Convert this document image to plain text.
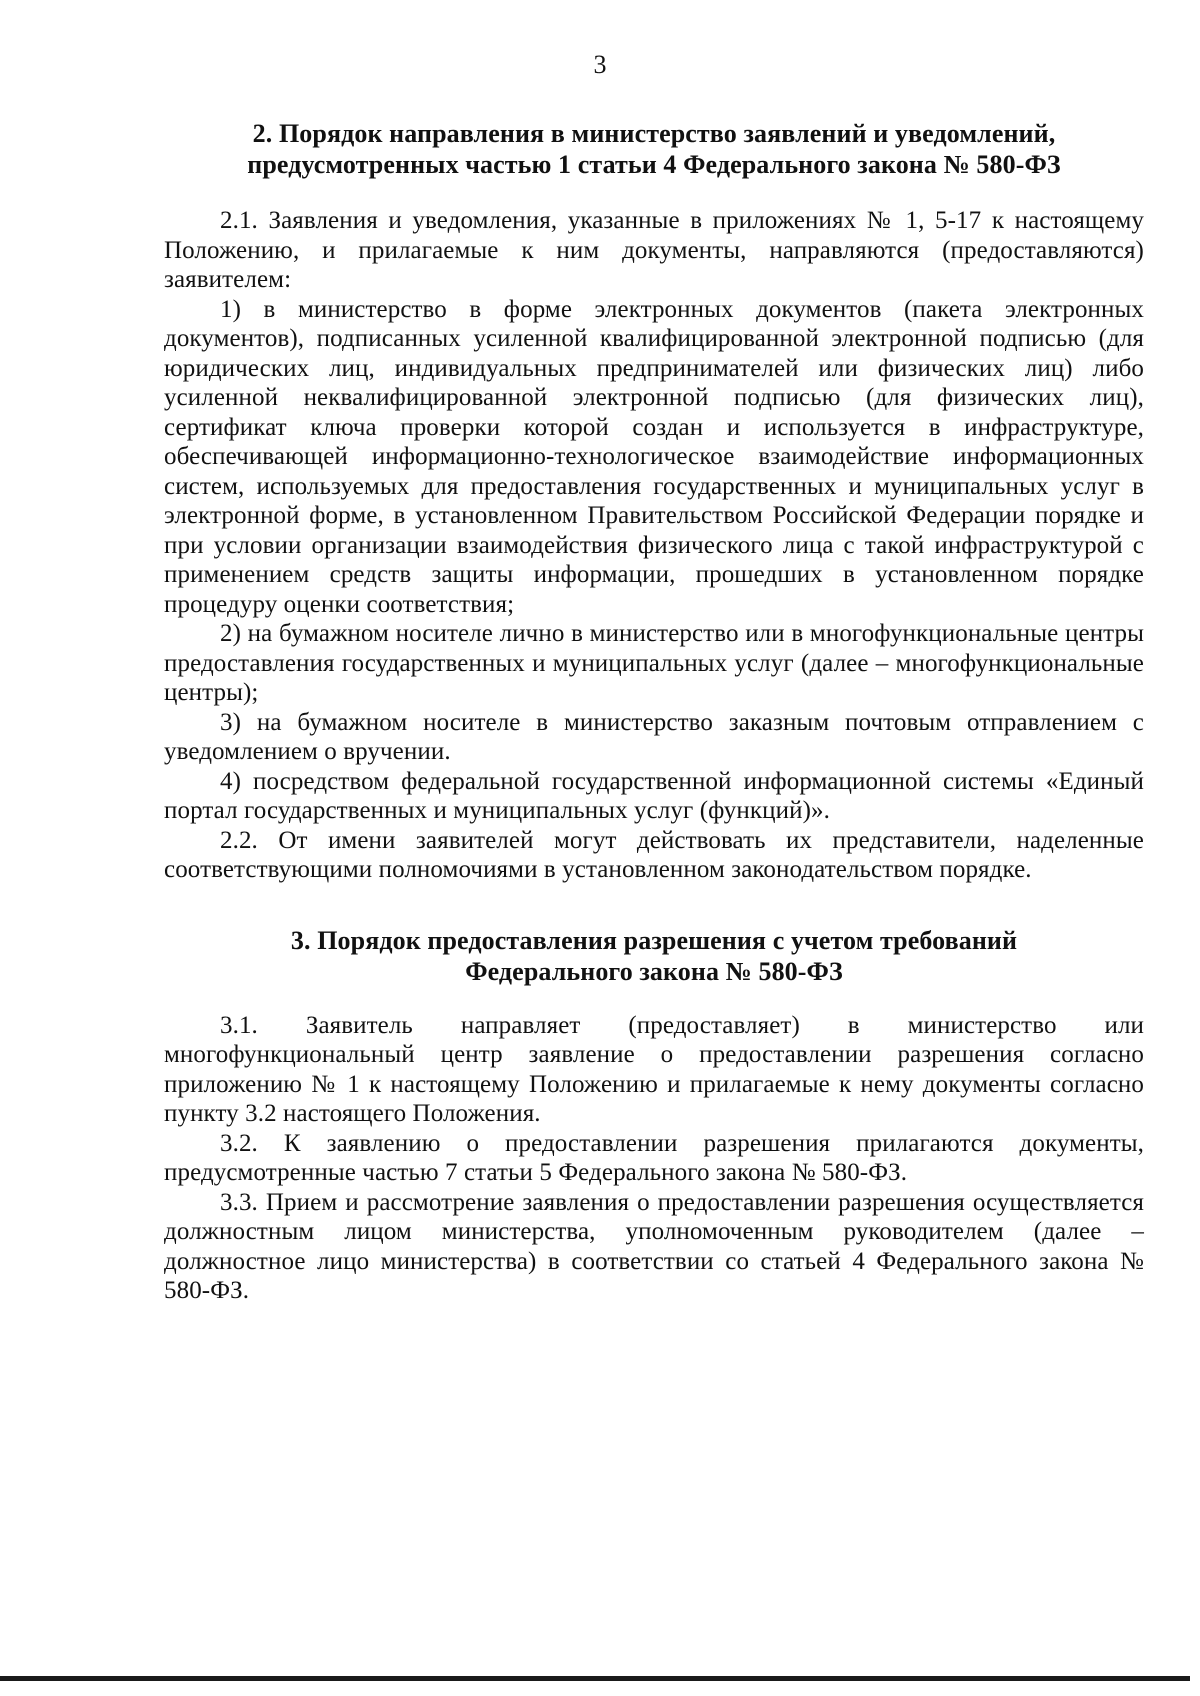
3
2. Порядок направления в министерство заявлений и уведомлений, предусмотренных частью 1 статьи 4 Федерального закона № 580-ФЗ

2.1. Заявления и уведомления, указанные в приложениях № 1, 5-17 к настоящему Положению, и прилагаемые к ним документы, направляются (предоставляются) заявителем:

1) в министерство в форме электронных документов (пакета электронных документов), подписанных усиленной квалифицированной электронной подписью (для юридических лиц, индивидуальных предпринимателей или физических лиц) либо усиленной неквалифицированной электронной подписью (для физических лиц), сертификат ключа проверки которой создан и используется в инфраструктуре, обеспечивающей информационно-технологическое взаимодействие информационных систем, используемых для предоставления государственных и муниципальных услуг в электронной форме, в установленном Правительством Российской Федерации порядке и при условии организации взаимодействия физического лица с такой инфраструктурой с применением средств защиты информации, прошедших в установленном порядке процедуру оценки соответствия;

2) на бумажном носителе лично в министерство или в многофункциональные центры предоставления государственных и муниципальных услуг (далее – многофункциональные центры);

3) на бумажном носителе в министерство заказным почтовым отправлением с уведомлением о вручении.

4) посредством федеральной государственной информационной системы «Единый портал государственных и муниципальных услуг (функций)».

2.2. От имени заявителей могут действовать их представители, наделенные соответствующими полномочиями в установленном законодательством порядке.

3. Порядок предоставления разрешения с учетом требований Федерального закона № 580-ФЗ

3.1. Заявитель направляет (предоставляет) в министерство или многофункциональный центр заявление о предоставлении разрешения согласно приложению № 1 к настоящему Положению и прилагаемые к нему документы согласно пункту 3.2 настоящего Положения.

3.2. К заявлению о предоставлении разрешения прилагаются документы, предусмотренные частью 7 статьи 5 Федерального закона № 580-ФЗ.

3.3. Прием и рассмотрение заявления о предоставлении разрешения осуществляется должностным лицом министерства, уполномоченным руководителем (далее – должностное лицо министерства) в соответствии со статьей 4 Федерального закона № 580-ФЗ.
